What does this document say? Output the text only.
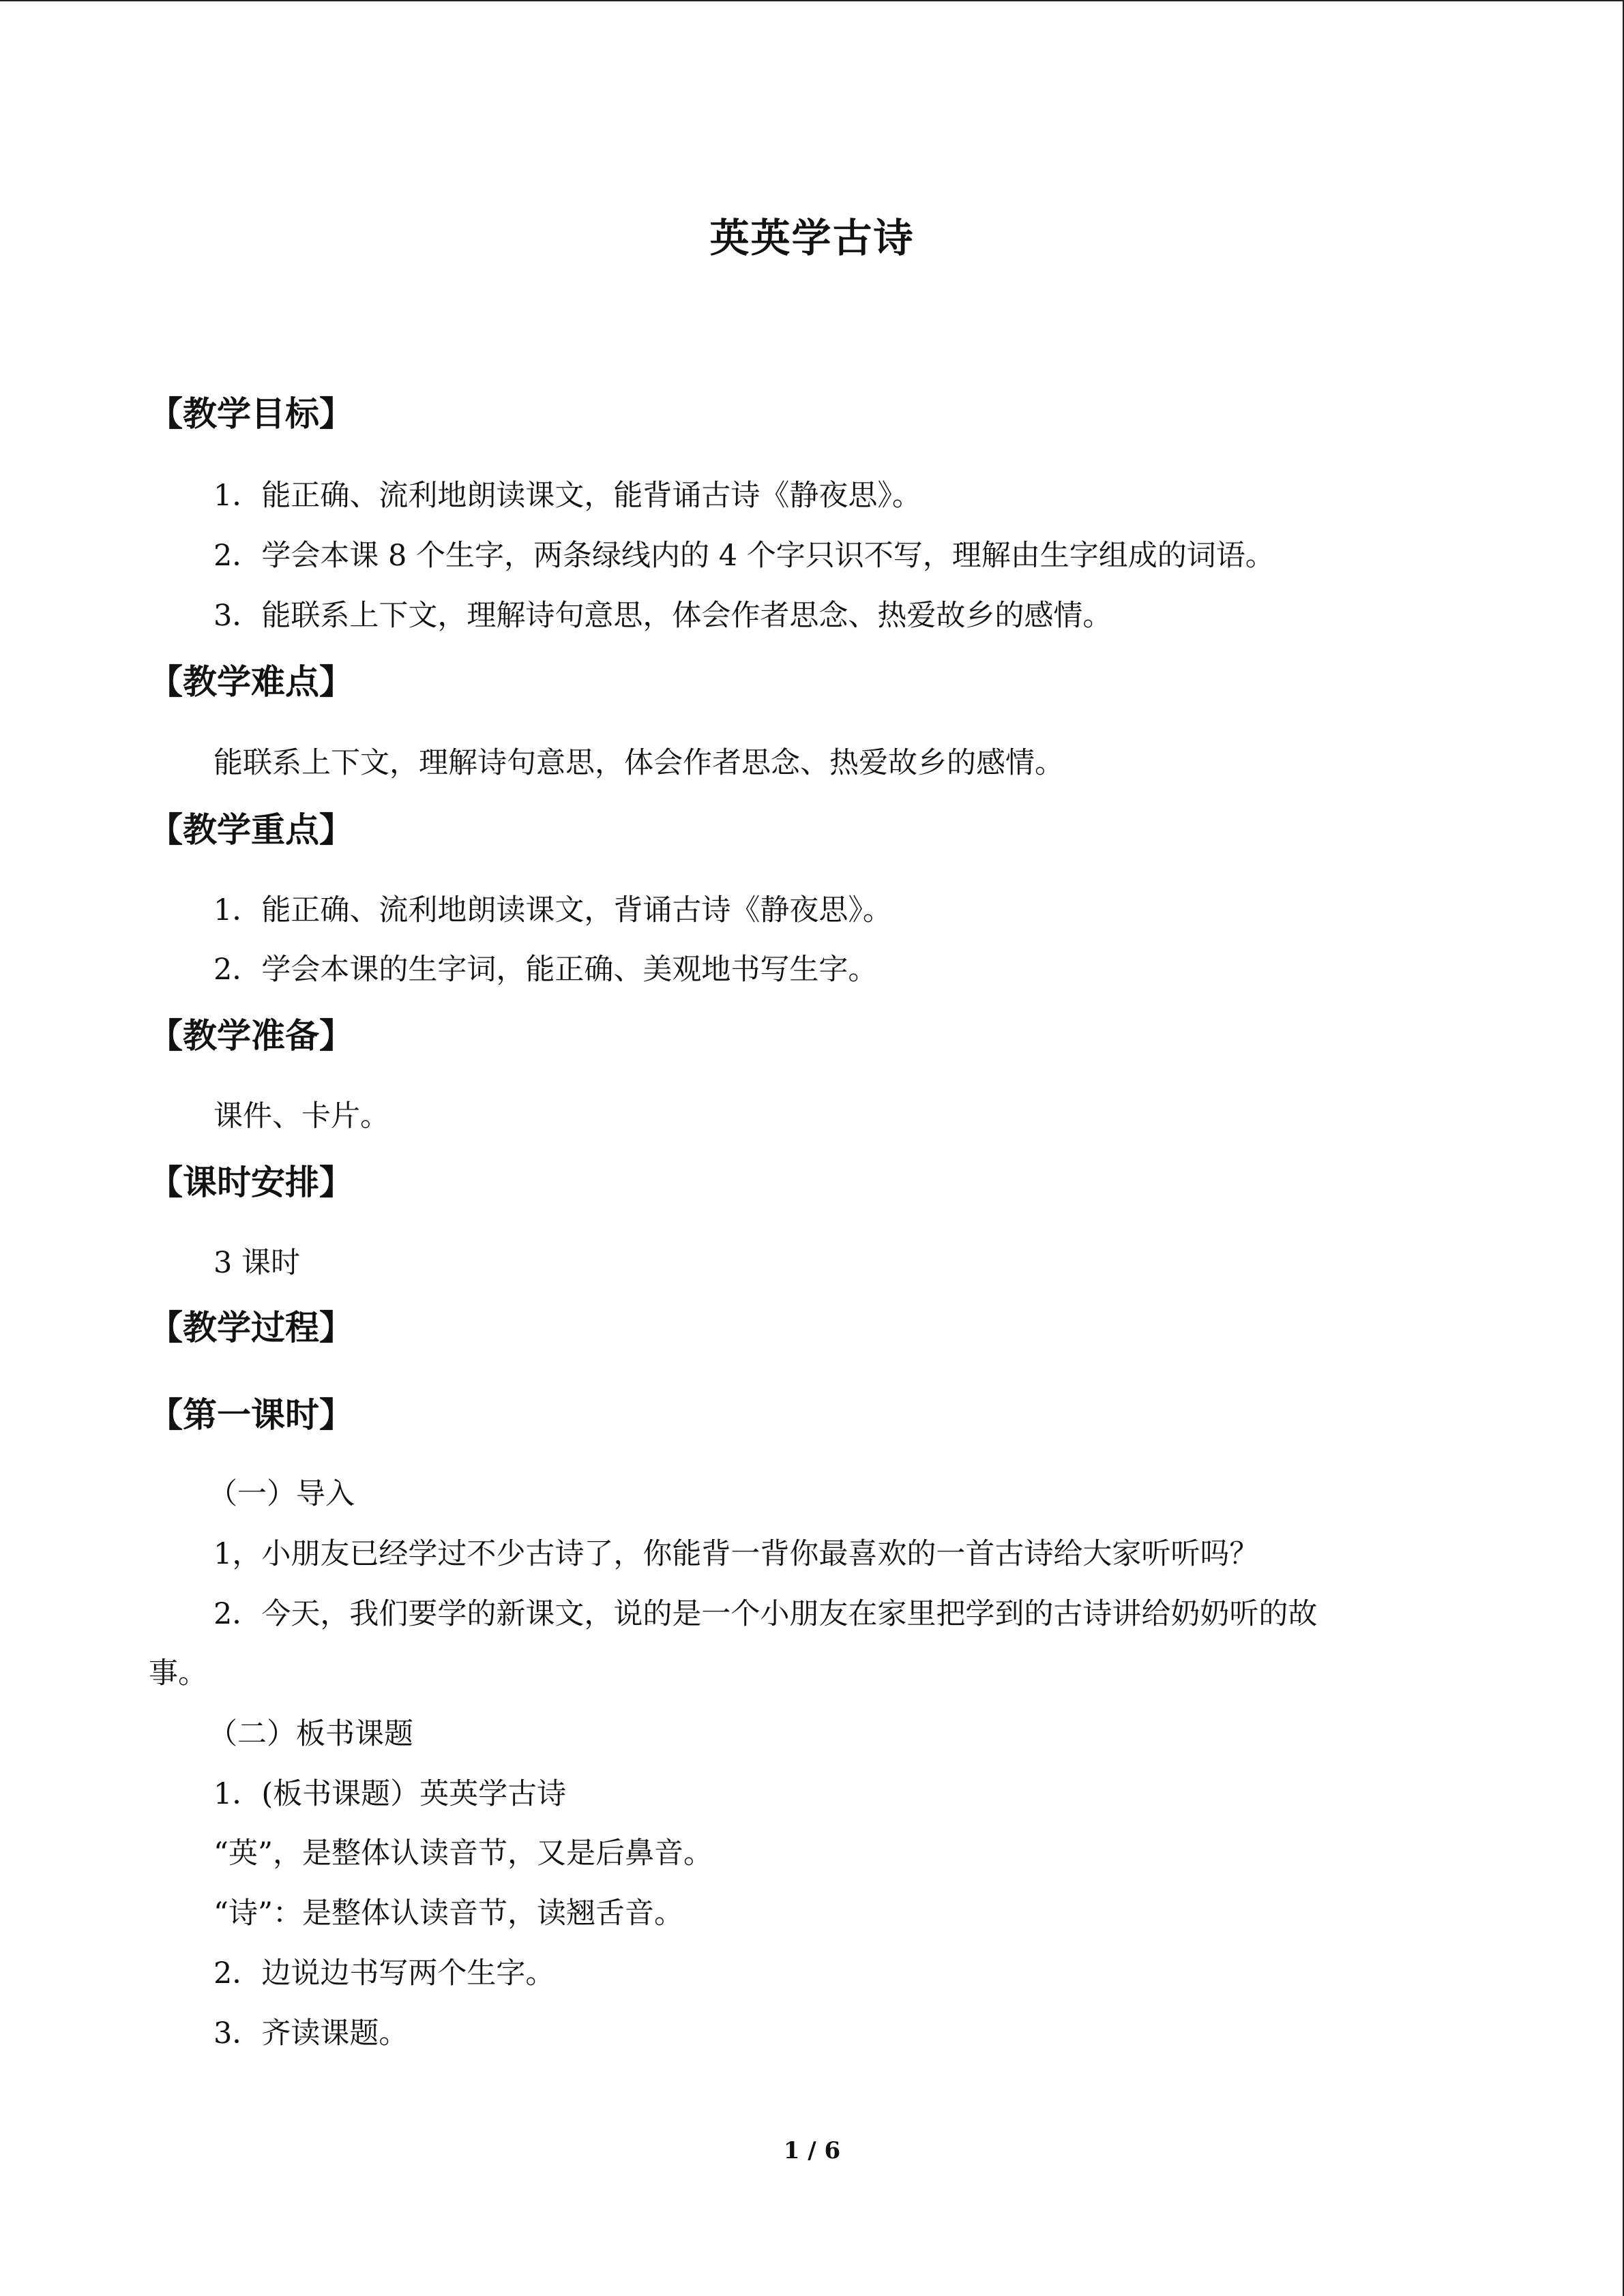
英英学古诗
【教学目标】
1．能正确、流利地朗读课文，能背诵古诗《静夜思》。
2．学会本课 8 个生字，两条绿线内的 4 个字只识不写，理解由生字组成的词语。
3．能联系上下文，理解诗句意思，体会作者思念、热爱故乡的感情。
【教学难点】
能联系上下文，理解诗句意思，体会作者思念、热爱故乡的感情。
【教学重点】
1．能正确、流利地朗读课文，背诵古诗《静夜思》。
2．学会本课的生字词，能正确、美观地书写生字。
【教学准备】
课件、卡片。
【课时安排】
3 课时
【教学过程】
【第一课时】
（一）导入
1，小朋友已经学过不少古诗了，你能背一背你最喜欢的一首古诗给大家听听吗？
2．今天，我们要学的新课文，说的是一个小朋友在家里把学到的古诗讲给奶奶听的故
事。
（二）板书课题
1．(板书课题）英英学古诗
“英”，是整体认读音节，又是后鼻音。
“诗”：是整体认读音节，读翘舌音。
2．边说边书写两个生字。
3．齐读课题。
1 / 6
